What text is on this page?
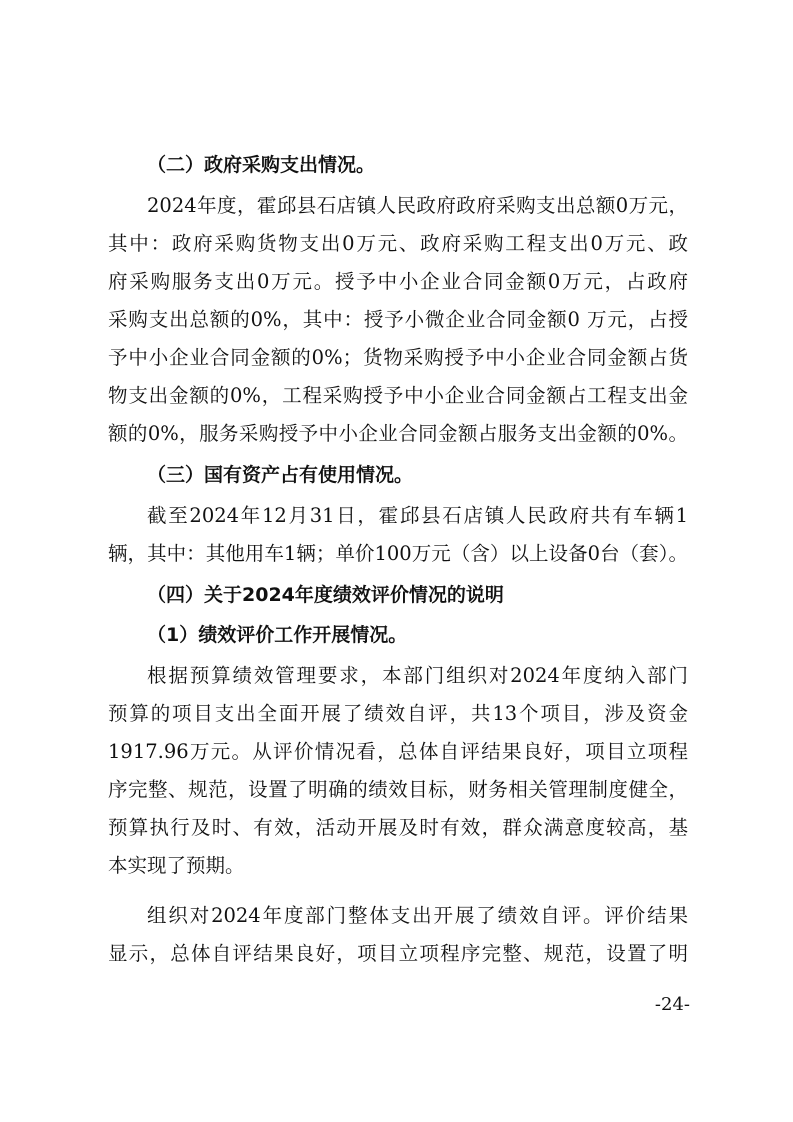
（二）政府采购支出情况。
2024年度，霍邱县石店镇人民政府政府采购支出总额0万元，
其中：政府采购货物支出0万元、政府采购工程支出0万元、政
府采购服务支出0万元。授予中小企业合同金额0万元，占政府
采购支出总额的0%，其中：授予小微企业合同金额0 万元，占授
予中小企业合同金额的0%；货物采购授予中小企业合同金额占货
物支出金额的0%，工程采购授予中小企业合同金额占工程支出金
额的0%，服务采购授予中小企业合同金额占服务支出金额的0%。
（三）国有资产占有使用情况。
截至2024年12月31日，霍邱县石店镇人民政府共有车辆1
辆，其中：其他用车1辆；单价100万元（含）以上设备0台（套）。
（四）关于2024年度绩效评价情况的说明
（1）绩效评价工作开展情况。
根据预算绩效管理要求，本部门组织对2024年度纳入部门
预算的项目支出全面开展了绩效自评，共13个项目，涉及资金
1917.96万元。从评价情况看，总体自评结果良好，项目立项程
序完整、规范，设置了明确的绩效目标，财务相关管理制度健全，
预算执行及时、有效，活动开展及时有效，群众满意度较高，基
本实现了预期。
组织对2024年度部门整体支出开展了绩效自评。评价结果
显示，总体自评结果良好，项目立项程序完整、规范，设置了明
-24-
